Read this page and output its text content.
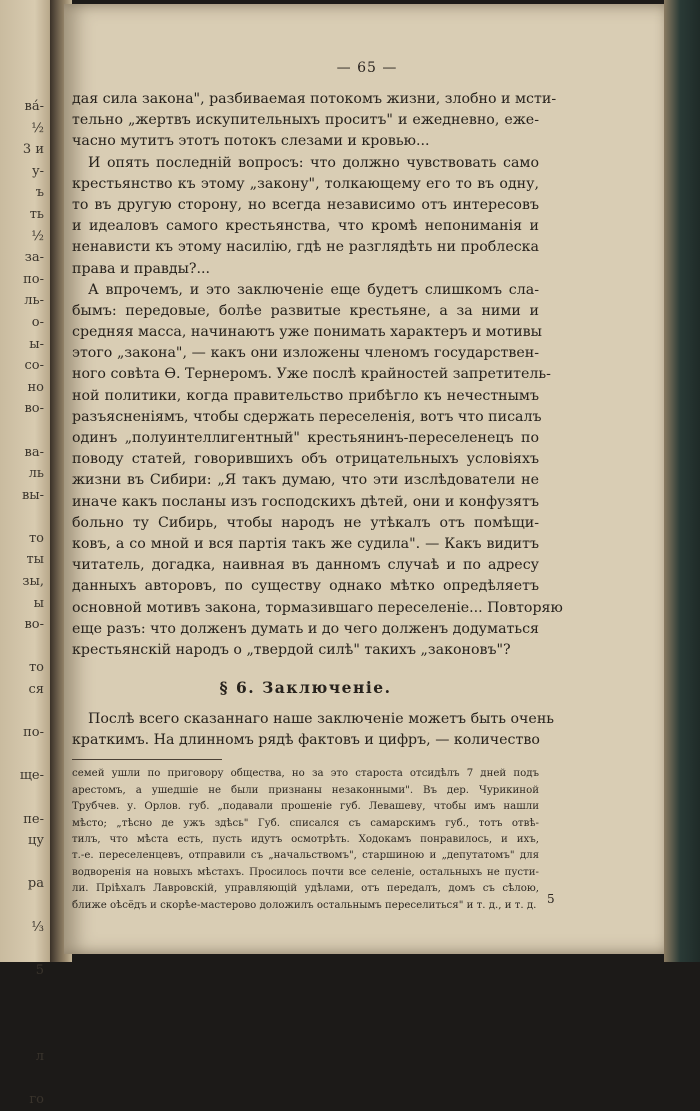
ва́-
½
3 и
у-
ъ
ть
½
за-
по-
ль-
о-
ы-
со-
но
во-

ва-
ль
вы-

то
ты
зы,
ы
во-

то
ся

по-

ще-

пе-
цу

ра

⅓

5

л

го
— 65 —
дая сила закона", разбиваемая потокомъ жизни, злобно и мсти-
тельно „жертвъ искупительныхъ проситъ" и ежедневно, еже-
часно мутитъ этотъ потокъ слезами и кровью...
И опять последній вопросъ: что должно чувствовать само
крестьянство къ этому „закону", толкающему его то въ одну,
то въ другую сторону, но всегда независимо отъ интересовъ
и идеаловъ самого крестьянства, что кромѣ непониманія и
ненависти къ этому насилію, гдѣ не разглядѣть ни проблеска
права и правды?...
А впрочемъ, и это заключеніе еще будетъ слишкомъ сла-
бымъ: передовые, болѣе развитые крестьяне, а за ними и
средняя масса, начинаютъ уже понимать характеръ и мотивы
этого „закона", — какъ они изложены членомъ государствен-
ного совѣта Ѳ. Тернеромъ. Уже послѣ крайностей запретитель-
ной политики, когда правительство прибѣгло къ нечестнымъ
разъясненіямъ, чтобы сдержать переселенія, вотъ что писалъ
одинъ „полуинтеллигентный" крестьянинъ-переселенецъ по
поводу статей, говорившихъ объ отрицательныхъ условіяхъ
жизни въ Сибири: „Я такъ думаю, что эти изслѣдователи не
иначе какъ посланы изъ господскихъ дѣтей, они и конфузятъ
больно ту Сибирь, чтобы народъ не утѣкалъ отъ помѣщи-
ковъ, а со мной и вся партія такъ же судила". — Какъ видитъ
читатель, догадка, наивная въ данномъ случаѣ и по адресу
данныхъ авторовъ, по существу однако мѣтко опредѣляетъ
основной мотивъ закона, тормазившаго переселеніе... Повторяю
еще разъ: что долженъ думать и до чего долженъ додуматься
крестьянскій народъ о „твердой силѣ" такихъ „законовъ"?
§ 6. Заключеніе.
Послѣ всего сказаннаго наше заключеніе можетъ быть очень
краткимъ. На длинномъ рядѣ фактовъ и цифръ, — количество
семей ушли по приговору общества, но за это староста отсидѣлъ 7 дней подъ
арестомъ, а ушедшіе не были признаны незаконными". Въ дер. Чурикиной
Трубчев. у. Орлов. губ. „подавали прошеніе губ. Левашеву, чтобы имъ нашли
мѣсто; „тѣсно де ужъ здѣсь" Губ. списался съ самарскимъ губ., тотъ отвѣ-
тилъ, что мѣста есть, пусть идутъ осмотрѣть. Ходокамъ понравилось, и ихъ,
т.-е. переселенцевъ, отправили съ „начальствомъ", старшиною и „депутатомъ" для
водворенія на новыхъ мѣстахъ. Просилось почти все селеніе, остальныхъ не пусти-
ли. Пріѣхалъ Лавровскій, управляющій удѣлами, отъ передалъ, домъ съ сѣлою,
ближе оѣсёдъ и скорѣе-мастерово доложилъ остальнымъ переселиться" и т. д., и т. д. 5
